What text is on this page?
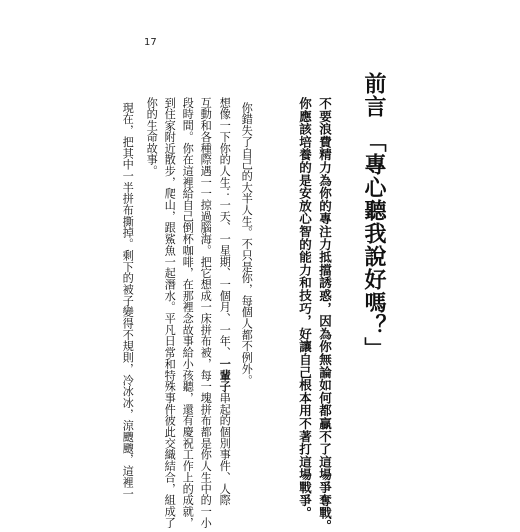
17
前言「專心聽我說好嗎？」
不要浪費精力為你的專注力抵擋誘惑，因為你無論如何都贏不了這場爭奪戰。
你應該培養的是安放心智的能力和技巧，好讓自己根本用不著打這場戰爭。
你錯失了自己的大半人生。不只是你，每個人都不例外。
想像一下你的人生：一天、一星期、一個月、一年、一輩子串起的個別事件、人際
互動和各種際遇一一掠過腦海。把它想成一床拼布被，每一塊拼布都是你人生中的一小
段時間。你在這裡給自己倒杯咖啡，在那裡念故事給小孩聽，還有慶祝工作上的成就，
到住家附近散步，爬山，跟鯊魚一起潛水。平凡日常和特殊事件彼此交織結合，組成了
你的生命故事。
現在，把其中一半拼布撕掉。剩下的被子變得不規則，冷冰冰，涼颼颼，這裡一
